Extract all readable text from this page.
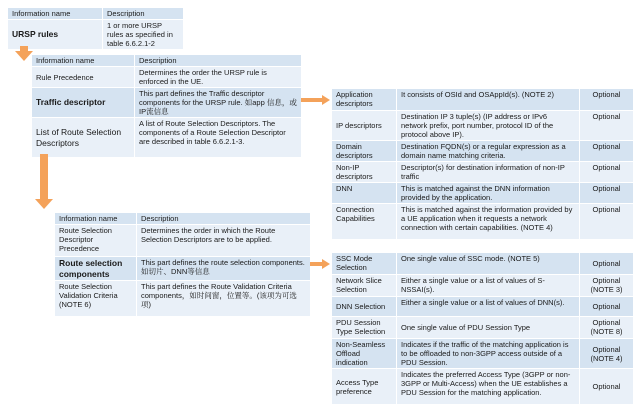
Information name	Description
URSP rules	1 or more URSP rules as specified in table 6.6.2.1-2
Information name	Description
Rule Precedence	Determines the order the URSP rule is enforced in the UE.
Traffic descriptor	This part defines the Traffic descriptor components for the URSP rule. 如app 信息，或IP流信息
List of Route Selection Descriptors	A list of Route Selection Descriptors. The components of a Route Selection Descriptor are described in table 6.6.2.1-3.
Application descriptors	It consists of OSId and OSAppId(s). (NOTE 2)	Optional
IP descriptors	Destination IP 3 tuple(s) (IP address or IPv6 network prefix, port number, protocol ID of the protocol above IP).	Optional
Domain descriptors	Destination FQDN(s) or a regular expression as a domain name matching criteria.	Optional
Non-IP descriptors	Descriptor(s) for destination information of non-IP traffic	Optional
DNN	This is matched against the DNN information provided by the application.	Optional
Connection Capabilities	This is matched against the information provided by a UE application when it requests a network connection with certain capabilities. (NOTE 4)	Optional
Information name	Description
Route Selection Descriptor Precedence	Determines the order in which the Route Selection Descriptors are to be applied.
Route selection components	This part defines the route selection components.如切片、DNN等信息
Route Selection Validation Criteria (NOTE 6)	This part defines the Route Validation Criteria components，如时间窗，位置等。(该项为可选项)
SSC Mode Selection	One single value of SSC mode. (NOTE 5)	Optional
Network Slice Selection	Either a single value or a list of values of S-NSSAI(s).	Optional (NOTE 3)
DNN Selection	Either a single value or a list of values of DNN(s).	Optional
PDU Session Type Selection	One single value of PDU Session Type	Optional (NOTE 8)
Non-Seamless Offload indication	Indicates if the traffic of the matching application is to be offloaded to non-3GPP access outside of a PDU Session.	Optional (NOTE 4)
Access Type preference	Indicates the preferred Access Type (3GPP or non-3GPP or Multi-Access) when the UE establishes a PDU Session for the matching application.	Optional
